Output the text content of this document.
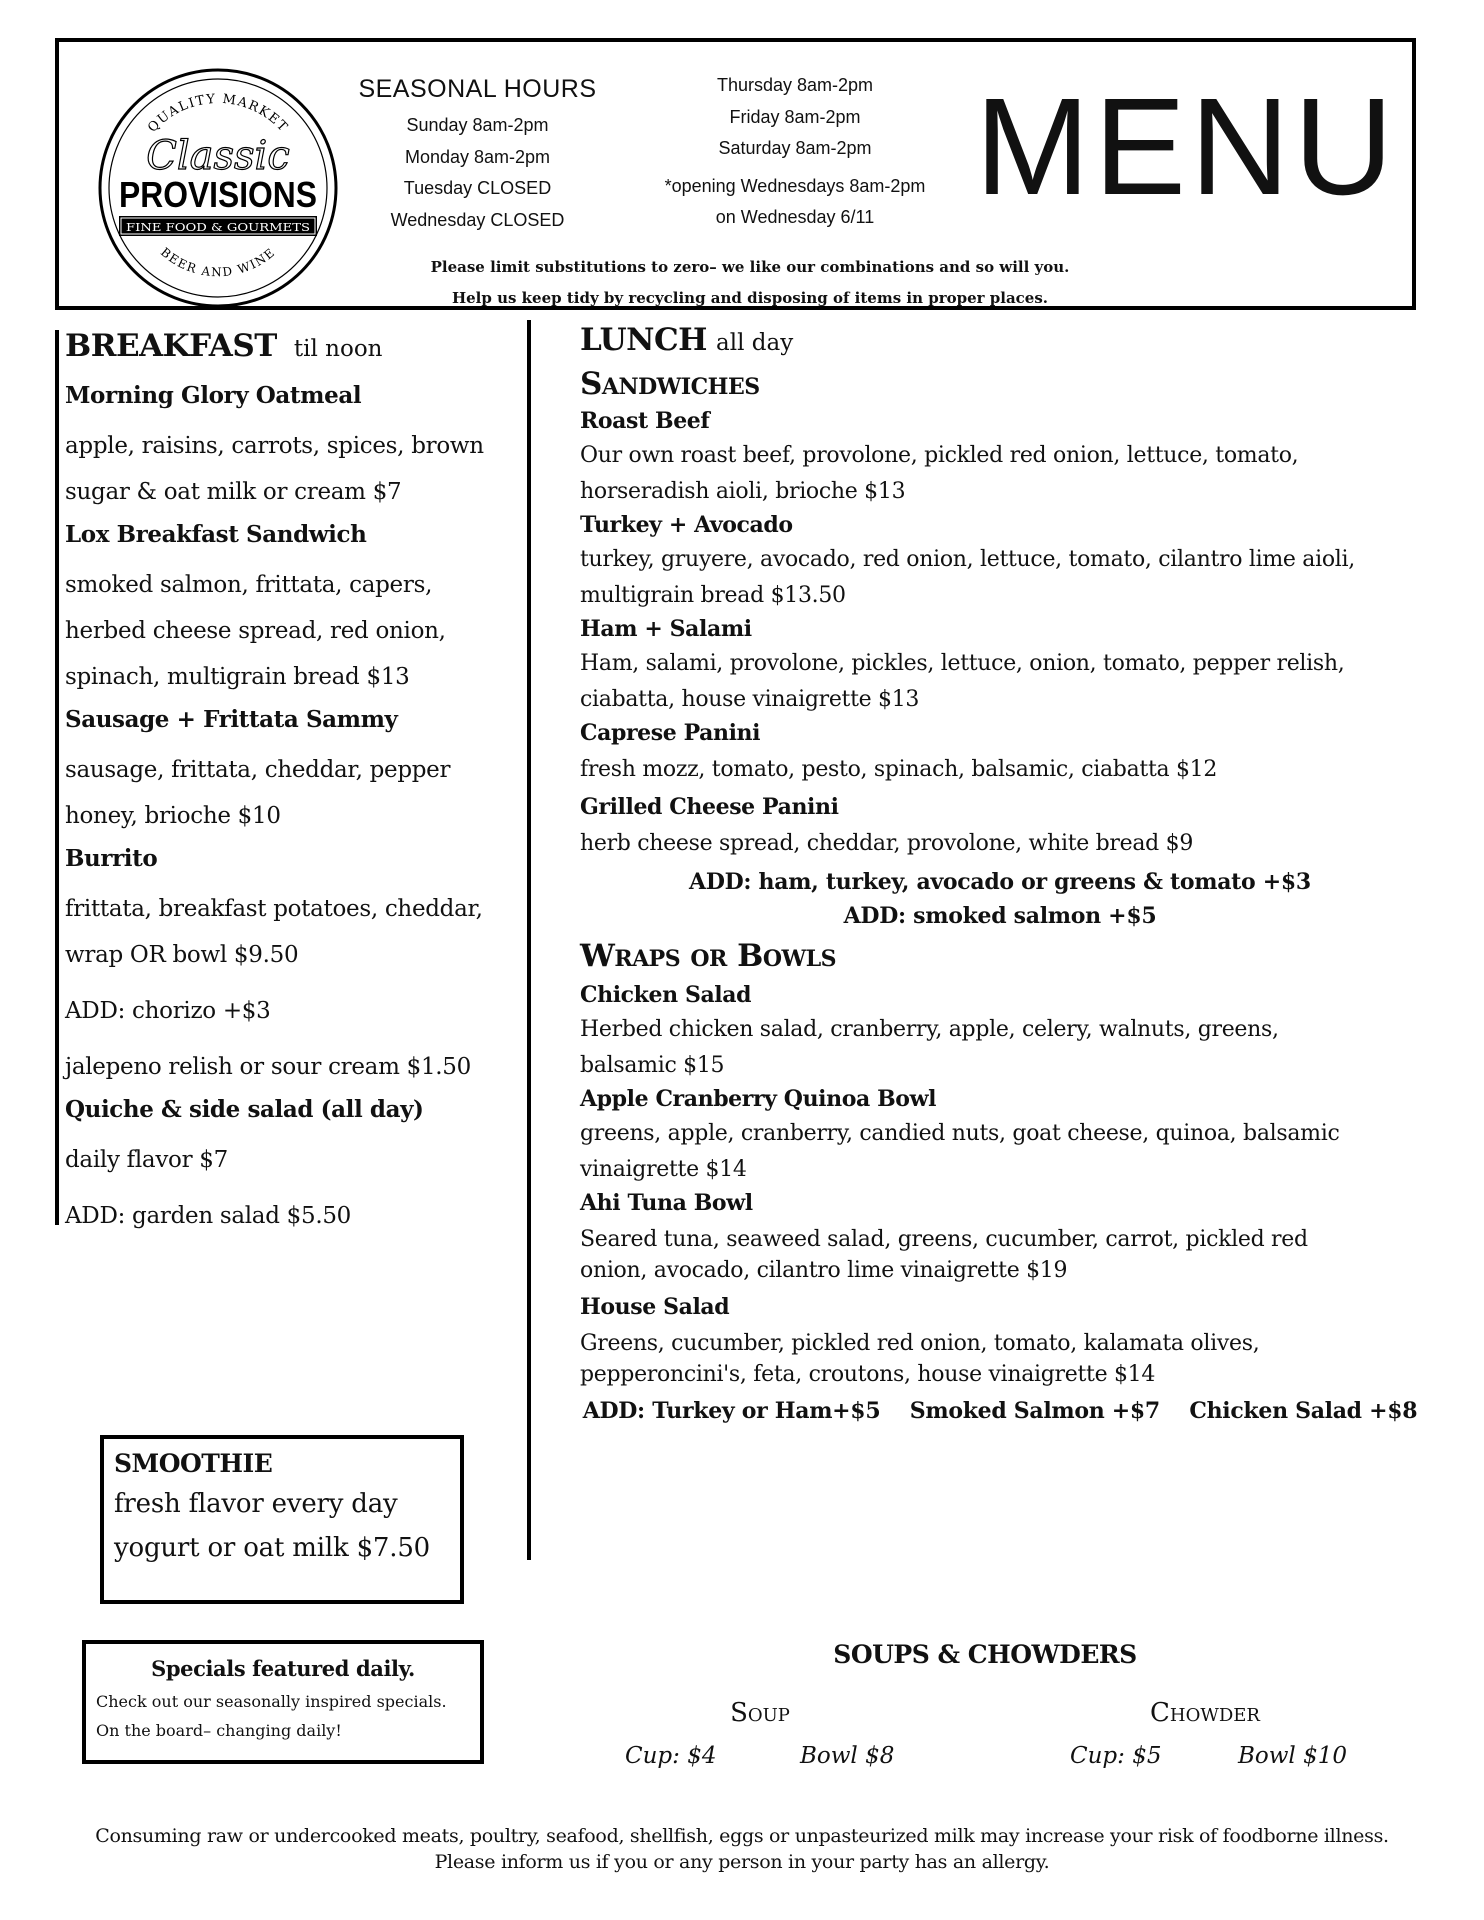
QUALITY MARKET
Classic
PROVISIONS
FINE FOOD & GOURMETS
BEER AND WINE
SEASONAL HOURS
Sunday 8am-2pm
Monday 8am-2pm
Tuesday CLOSED
Wednesday CLOSED
Thursday 8am-2pm
Friday 8am-2pm
Saturday 8am-2pm
*opening Wednesdays 8am-2pm
on Wednesday 6/11 MENU
Please limit substitutions to zero– we like our combinations and so will you.
Help us keep tidy by recycling and disposing of items in proper places.
BREAKFAST til noon
Morning Glory Oatmeal
apple, raisins, carrots, spices, brown
sugar & oat milk or cream $7
Lox Breakfast Sandwich
smoked salmon, frittata, capers,
herbed cheese spread, red onion,
spinach, multigrain bread $13
Sausage + Frittata Sammy
sausage, frittata, cheddar, pepper
honey, brioche $10
Burrito
frittata, breakfast potatoes, cheddar,
wrap OR bowl $9.50
ADD: chorizo +$3
jalepeno relish or sour cream $1.50
Quiche & side salad (all day)
daily flavor $7
ADD: garden salad $5.50
SMOOTHIE
fresh flavor every day
yogurt or oat milk $7.50
Specials featured daily.
Check out our seasonally inspired specials.
On the board– changing daily!
LUNCH all day
Sandwiches
Roast Beef
Our own roast beef, provolone, pickled red onion, lettuce, tomato,
horseradish aioli, brioche $13
Turkey + Avocado
turkey, gruyere, avocado, red onion, lettuce, tomato, cilantro lime aioli,
multigrain bread $13.50
Ham + Salami
Ham, salami, provolone, pickles, lettuce, onion, tomato, pepper relish,
ciabatta, house vinaigrette $13
Caprese Panini
fresh mozz, tomato, pesto, spinach, balsamic, ciabatta $12
Grilled Cheese Panini
herb cheese spread, cheddar, provolone, white bread $9
ADD: ham, turkey, avocado or greens & tomato +$3
ADD: smoked salmon +$5
Wraps or Bowls
Chicken Salad
Herbed chicken salad, cranberry, apple, celery, walnuts, greens,
balsamic $15
Apple Cranberry Quinoa Bowl
greens, apple, cranberry, candied nuts, goat cheese, quinoa, balsamic
vinaigrette $14
Ahi Tuna Bowl
Seared tuna, seaweed salad, greens, cucumber, carrot, pickled red
onion, avocado, cilantro lime vinaigrette $19
House Salad
Greens, cucumber, pickled red onion, tomato, kalamata olives,
pepperoncini's, feta, croutons, house vinaigrette $14
ADD: Turkey or Ham+$5    Smoked Salmon +$7    Chicken Salad +$8
SOUPS & CHOWDERS
Soup	Chowder
Cup: $4	Bowl $8	Cup: $5	Bowl $10
Consuming raw or undercooked meats, poultry, seafood, shellfish, eggs or unpasteurized milk may increase your risk of foodborne illness.
Please inform us if you or any person in your party has an allergy.
